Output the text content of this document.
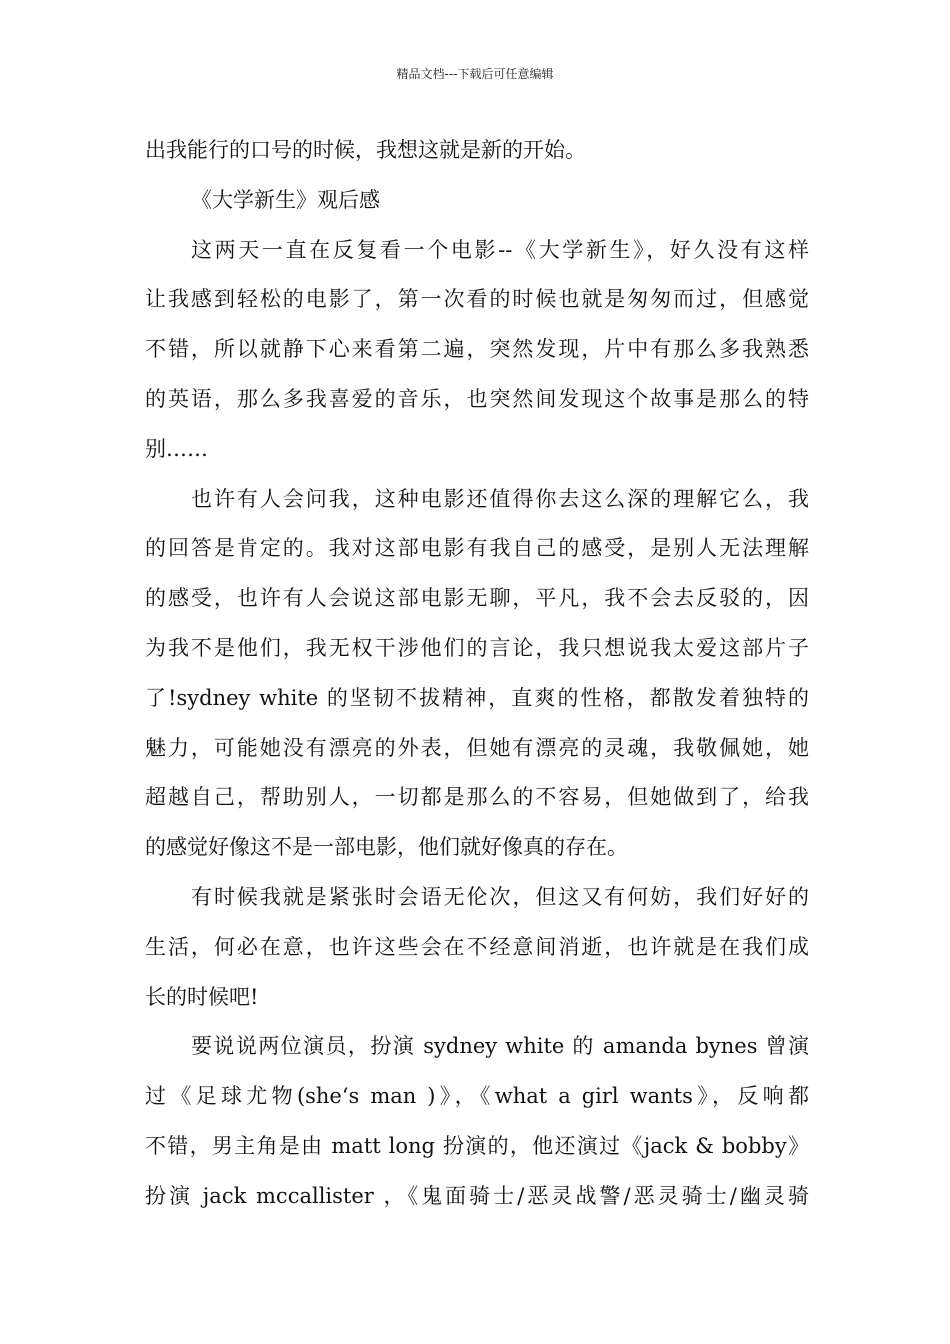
精品文档---下载后可任意编辑
出我能行的口号的时候，我想这就是新的开始。
《大学新生》观后感
这两天一直在反复看一个电影--《大学新生》，好久没有这样
让我感到轻松的电影了，第一次看的时候也就是匆匆而过，但感觉
不错，所以就静下心来看第二遍，突然发现，片中有那么多我熟悉
的英语，那么多我喜爱的音乐，也突然间发现这个故事是那么的特
别……
也许有人会问我，这种电影还值得你去这么深的理解它么，我
的回答是肯定的。我对这部电影有我自己的感受，是别人无法理解
的感受，也许有人会说这部电影无聊，平凡，我不会去反驳的，因
为我不是他们，我无权干涉他们的言论，我只想说我太爱这部片子
了!sydney white 的坚韧不拔精神，直爽的性格，都散发着独特的
魅力，可能她没有漂亮的外表，但她有漂亮的灵魂，我敬佩她，她
超越自己，帮助别人，一切都是那么的不容易，但她做到了，给我
的感觉好像这不是一部电影，他们就好像真的存在。
有时候我就是紧张时会语无伦次，但这又有何妨，我们好好的
生活，何必在意，也许这些会在不经意间消逝，也许就是在我们成
长的时候吧!
要说说两位演员，扮演 sydney white 的 amanda bynes 曾演
过《足球尤物(she‘s man )》，《what a girl wants》，反响都
不错，男主角是由 matt long 扮演的，他还演过《jack & bobby》
扮演 jack mccallister ，《鬼面骑士/恶灵战警/恶灵骑士/幽灵骑
